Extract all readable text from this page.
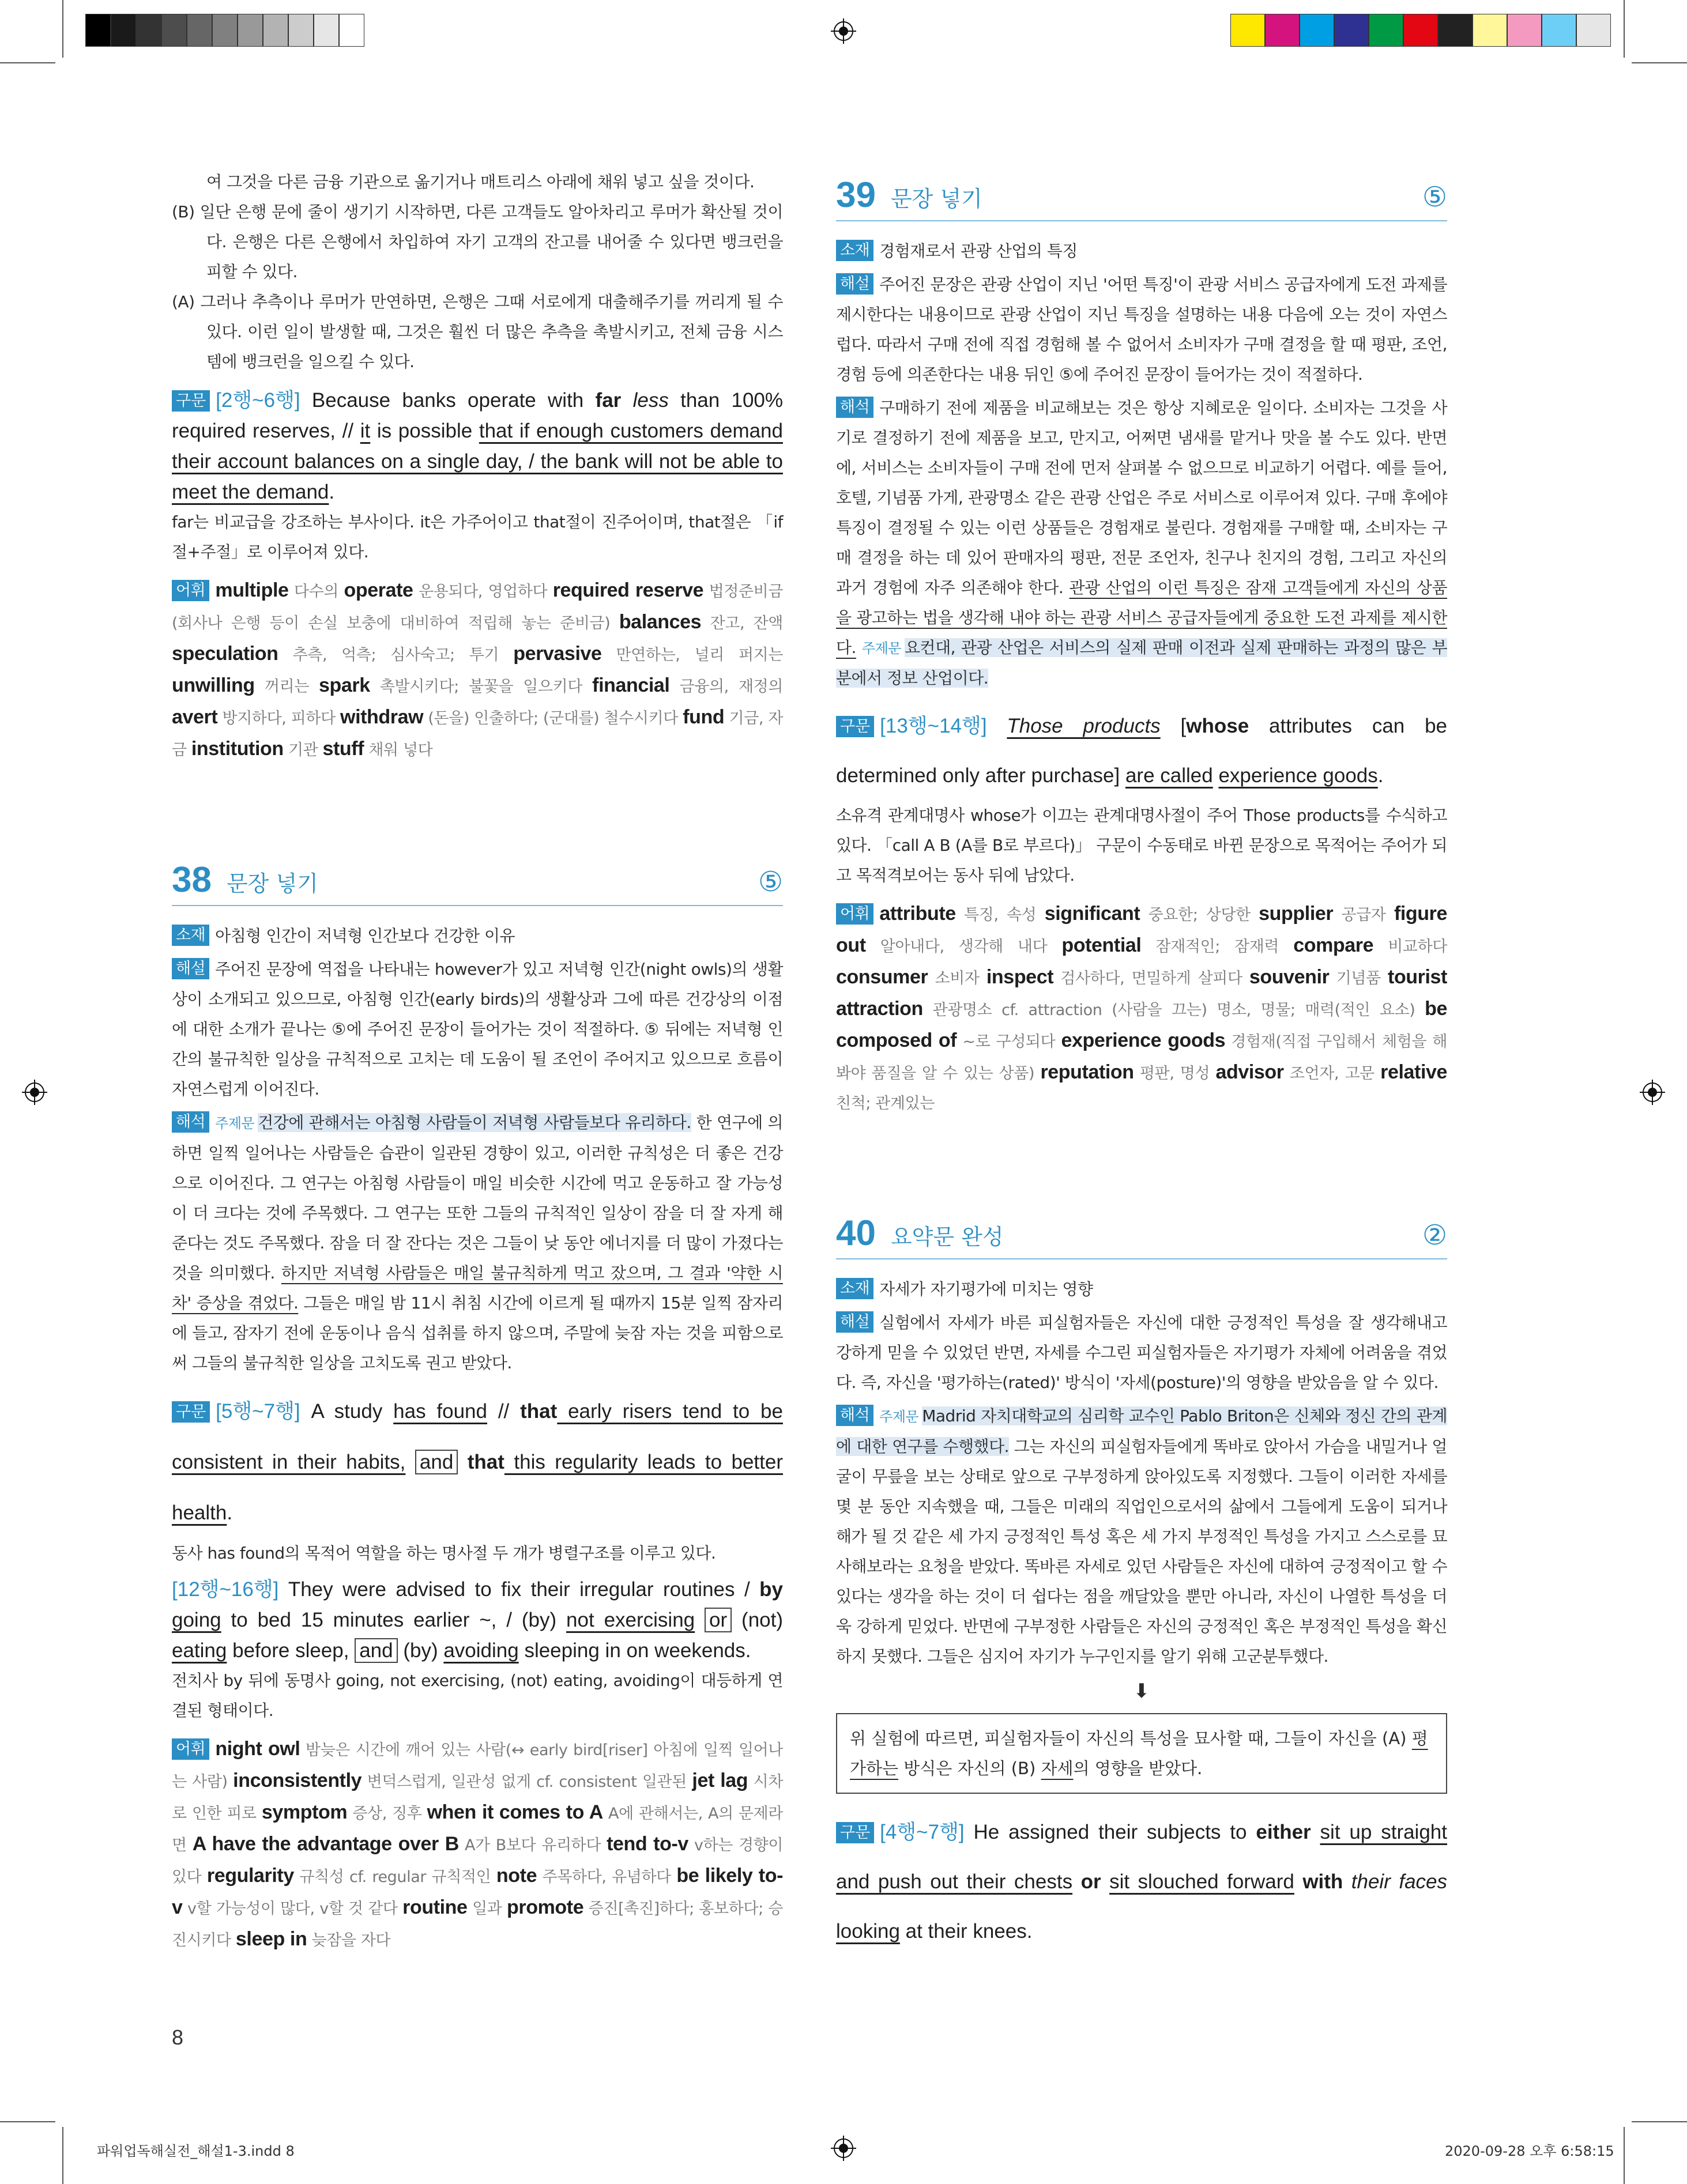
여 그것을 다른 금융 기관으로 옮기거나 매트리스 아래에 채워 넣고 싶을 것이다.

(B) 일단 은행 문에 줄이 생기기 시작하면, 다른 고객들도 알아차리고 루머가 확산될 것이다. 은행은 다른 은행에서 차입하여 자기 고객의 잔고를 내어줄 수 있다면 뱅크런을 피할 수 있다.

(A) 그러나 추측이나 루머가 만연하면, 은행은 그때 서로에게 대출해주기를 꺼리게 될 수 있다. 이런 일이 발생할 때, 그것은 훨씬 더 많은 추측을 촉발시키고, 전체 금융 시스템에 뱅크런을 일으킬 수 있다.

구문 [2행~6행] Because banks operate with far less than 100% required reserves, // it is possible that if enough customers demand their account balances on a single day, / the bank will not be able to meet the demand.

far는 비교급을 강조하는 부사이다. it은 가주어이고 that절이 진주어이며, that절은 「if절+주절」로 이루어져 있다.

어휘 multiple 다수의 operate 운용되다, 영업하다 required reserve 법정준비금(회사나 은행 등이 손실 보충에 대비하여 적립해 놓는 준비금) balances 잔고, 잔액 speculation 추측, 억측; 심사숙고; 투기 pervasive 만연하는, 널리 퍼지는 unwilling 꺼리는 spark 촉발시키다; 불꽃을 일으키다 financial 금융의, 재정의 avert 방지하다, 피하다 withdraw (돈을) 인출하다; (군대를) 철수시키다 fund 기금, 자금 institution 기관 stuff 채워 넣다

38 문장 넣기	⑤

소재 아침형 인간이 저녁형 인간보다 건강한 이유

해설 주어진 문장에 역접을 나타내는 however가 있고 저녁형 인간(night owls)의 생활상이 소개되고 있으므로, 아침형 인간(early birds)의 생활상과 그에 따른 건강상의 이점에 대한 소개가 끝나는 ⑤에 주어진 문장이 들어가는 것이 적절하다. ⑤ 뒤에는 저녁형 인간의 불규칙한 일상을 규칙적으로 고치는 데 도움이 될 조언이 주어지고 있으므로 흐름이 자연스럽게 이어진다.

해석 주제문 건강에 관해서는 아침형 사람들이 저녁형 사람들보다 유리하다. 한 연구에 의하면 일찍 일어나는 사람들은 습관이 일관된 경향이 있고, 이러한 규칙성은 더 좋은 건강으로 이어진다. 그 연구는 아침형 사람들이 매일 비슷한 시간에 먹고 운동하고 잘 가능성이 더 크다는 것에 주목했다. 그 연구는 또한 그들의 규칙적인 일상이 잠을 더 잘 자게 해준다는 것도 주목했다. 잠을 더 잘 잔다는 것은 그들이 낮 동안 에너지를 더 많이 가졌다는 것을 의미했다. 하지만 저녁형 사람들은 매일 불규칙하게 먹고 잤으며, 그 결과 '약한 시차' 증상을 겪었다. 그들은 매일 밤 11시 취침 시간에 이르게 될 때까지 15분 일찍 잠자리에 들고, 잠자기 전에 운동이나 음식 섭취를 하지 않으며, 주말에 늦잠 자는 것을 피함으로써 그들의 불규칙한 일상을 고치도록 권고 받았다.

구문 [5행~7행] A study has found // that early risers tend to be consistent in their habits, and that this regularity leads to better health.

동사 has found의 목적어 역할을 하는 명사절 두 개가 병렬구조를 이루고 있다.

[12행~16행] They were advised to fix their irregular routines / by going to bed 15 minutes earlier ~, / (by) not exercising or (not) eating before sleep, and (by) avoiding sleeping in on weekends.

전치사 by 뒤에 동명사 going, not exercising, (not) eating, avoiding이 대등하게 연결된 형태이다.

어휘 night owl 밤늦은 시간에 깨어 있는 사람(↔ early bird[riser] 아침에 일찍 일어나는 사람) inconsistently 변덕스럽게, 일관성 없게 cf. consistent 일관된 jet lag 시차로 인한 피로 symptom 증상, 징후 when it comes to A A에 관해서는, A의 문제라면 A have the advantage over B A가 B보다 유리하다 tend to-v v하는 경향이 있다 regularity 규칙성 cf. regular 규칙적인 note 주목하다, 유념하다 be likely to-v v할 가능성이 많다, v할 것 같다 routine 일과 promote 증진[촉진]하다; 홍보하다; 승진시키다 sleep in 늦잠을 자다

39 문장 넣기	⑤

소재 경험재로서 관광 산업의 특징

해설 주어진 문장은 관광 산업이 지닌 '어떤 특징'이 관광 서비스 공급자에게 도전 과제를 제시한다는 내용이므로 관광 산업이 지닌 특징을 설명하는 내용 다음에 오는 것이 자연스럽다. 따라서 구매 전에 직접 경험해 볼 수 없어서 소비자가 구매 결정을 할 때 평판, 조언, 경험 등에 의존한다는 내용 뒤인 ⑤에 주어진 문장이 들어가는 것이 적절하다.

해석 구매하기 전에 제품을 비교해보는 것은 항상 지혜로운 일이다. 소비자는 그것을 사기로 결정하기 전에 제품을 보고, 만지고, 어쩌면 냄새를 맡거나 맛을 볼 수도 있다. 반면에, 서비스는 소비자들이 구매 전에 먼저 살펴볼 수 없으므로 비교하기 어렵다. 예를 들어, 호텔, 기념품 가게, 관광명소 같은 관광 산업은 주로 서비스로 이루어져 있다. 구매 후에야 특징이 결정될 수 있는 이런 상품들은 경험재로 불린다. 경험재를 구매할 때, 소비자는 구매 결정을 하는 데 있어 판매자의 평판, 전문 조언자, 친구나 친지의 경험, 그리고 자신의 과거 경험에 자주 의존해야 한다. 관광 산업의 이런 특징은 잠재 고객들에게 자신의 상품을 광고하는 법을 생각해 내야 하는 관광 서비스 공급자들에게 중요한 도전 과제를 제시한다. 주제문 요컨대, 관광 산업은 서비스의 실제 판매 이전과 실제 판매하는 과정의 많은 부분에서 정보 산업이다.

구문 [13행~14행] Those products [whose attributes can be determined only after purchase] are called experience goods.

소유격 관계대명사 whose가 이끄는 관계대명사절이 주어 Those products를 수식하고 있다. 「call A B (A를 B로 부르다)」 구문이 수동태로 바뀐 문장으로 목적어는 주어가 되고 목적격보어는 동사 뒤에 남았다.

어휘 attribute 특징, 속성 significant 중요한; 상당한 supplier 공급자 figure out 알아내다, 생각해 내다 potential 잠재적인; 잠재력 compare 비교하다 consumer 소비자 inspect 검사하다, 면밀하게 살피다 souvenir 기념품 tourist attraction 관광명소 cf. attraction (사람을 끄는) 명소, 명물; 매력(적인 요소) be composed of ~로 구성되다 experience goods 경험재(직접 구입해서 체험을 해봐야 품질을 알 수 있는 상품) reputation 평판, 명성 advisor 조언자, 고문 relative 친척; 관계있는

40 요약문 완성	②

소재 자세가 자기평가에 미치는 영향

해설 실험에서 자세가 바른 피실험자들은 자신에 대한 긍정적인 특성을 잘 생각해내고 강하게 믿을 수 있었던 반면, 자세를 수그린 피실험자들은 자기평가 자체에 어려움을 겪었다. 즉, 자신을 '평가하는(rated)' 방식이 '자세(posture)'의 영향을 받았음을 알 수 있다.

해석 주제문 Madrid 자치대학교의 심리학 교수인 Pablo Briton은 신체와 정신 간의 관계에 대한 연구를 수행했다. 그는 자신의 피실험자들에게 똑바로 앉아서 가슴을 내밀거나 얼굴이 무릎을 보는 상태로 앞으로 구부정하게 앉아있도록 지정했다. 그들이 이러한 자세를 몇 분 동안 지속했을 때, 그들은 미래의 직업인으로서의 삶에서 그들에게 도움이 되거나 해가 될 것 같은 세 가지 긍정적인 특성 혹은 세 가지 부정적인 특성을 가지고 스스로를 묘사해보라는 요청을 받았다. 똑바른 자세로 있던 사람들은 자신에 대하여 긍정적이고 할 수 있다는 생각을 하는 것이 더 쉽다는 점을 깨달았을 뿐만 아니라, 자신이 나열한 특성을 더욱 강하게 믿었다. 반면에 구부정한 사람들은 자신의 긍정적인 혹은 부정적인 특성을 확신하지 못했다. 그들은 심지어 자기가 누구인지를 알기 위해 고군분투했다.

⬇
위 실험에 따르면, 피실험자들이 자신의 특성을 묘사할 때, 그들이 자신을 (A) 평가하는 방식은 자신의 (B) 자세의 영향을 받았다.

구문 [4행~7행] He assigned their subjects to either sit up straight and push out their chests or sit slouched forward with their faces looking at their knees.

8
파워업독해실전_해설1-3.indd 8	2020-09-28 오후 6:58:15
